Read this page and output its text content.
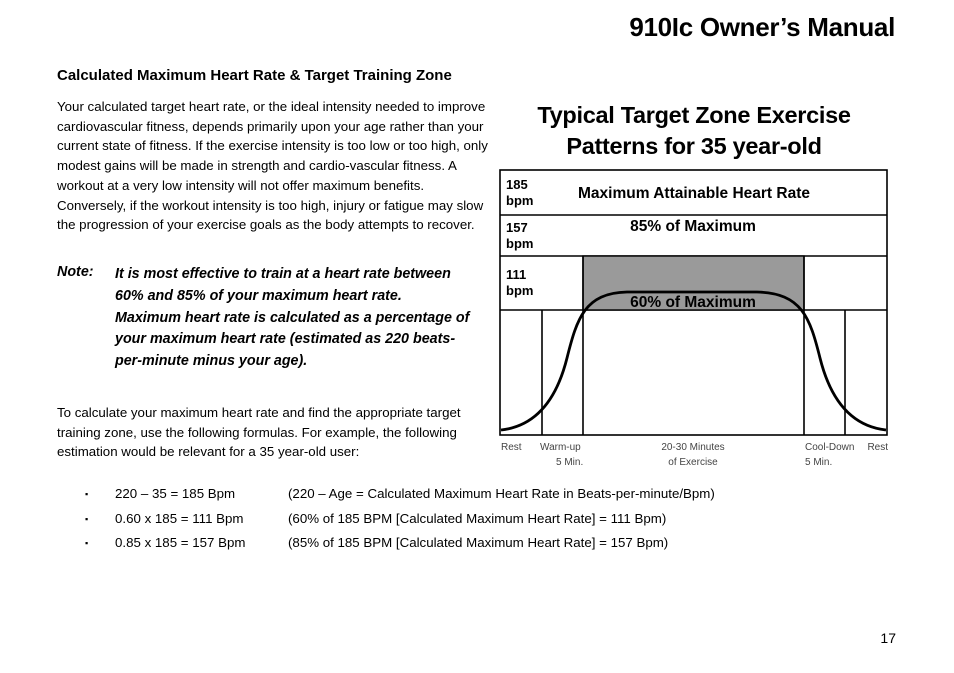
910Ic Owner’s Manual
Calculated Maximum Heart Rate & Target Training Zone
Your calculated target heart rate, or the ideal intensity needed to improve cardiovascular fitness, depends primarily upon your age rather than your current state of fitness. If the exercise intensity is too low or too high, only modest gains will be made in strength and cardio-vascular fitness. A workout at a very low intensity will not offer maximum benefits. Conversely, if the workout intensity is too high, injury or fatigue may slow the progression of your exercise goals as the body attempts to recover.
Note: It is most effective to train at a heart rate between 60% and 85% of your maximum heart rate. Maximum heart rate is calculated as a percentage of your maximum heart rate (estimated as 220 beats-per-minute minus your age).
To calculate your maximum heart rate and find the appropriate target training zone, use the following formulas. For example, the following estimation would be relevant for a 35 year-old user:
▪ 220 – 35 = 185 Bpm	(220 – Age = Calculated Maximum Heart Rate in Beats-per-minute/Bpm)
▪ 0.60 x 185 = 111 Bpm	(60% of 185 BPM [Calculated Maximum Heart Rate] = 111 Bpm)
▪ 0.85 x 185 = 157 Bpm	(85% of 185 BPM [Calculated Maximum Heart Rate] = 157 Bpm)
Typical Target Zone Exercise
Patterns for 35 year-old
185
bpm
157
bpm
111
bpm
Maximum Attainable Heart Rate
85% of Maximum
60% of Maximum
Rest Warm-up
5 Min.
20-30 Minutes
of Exercise
Cool-Down
5 Min.
Rest
17
